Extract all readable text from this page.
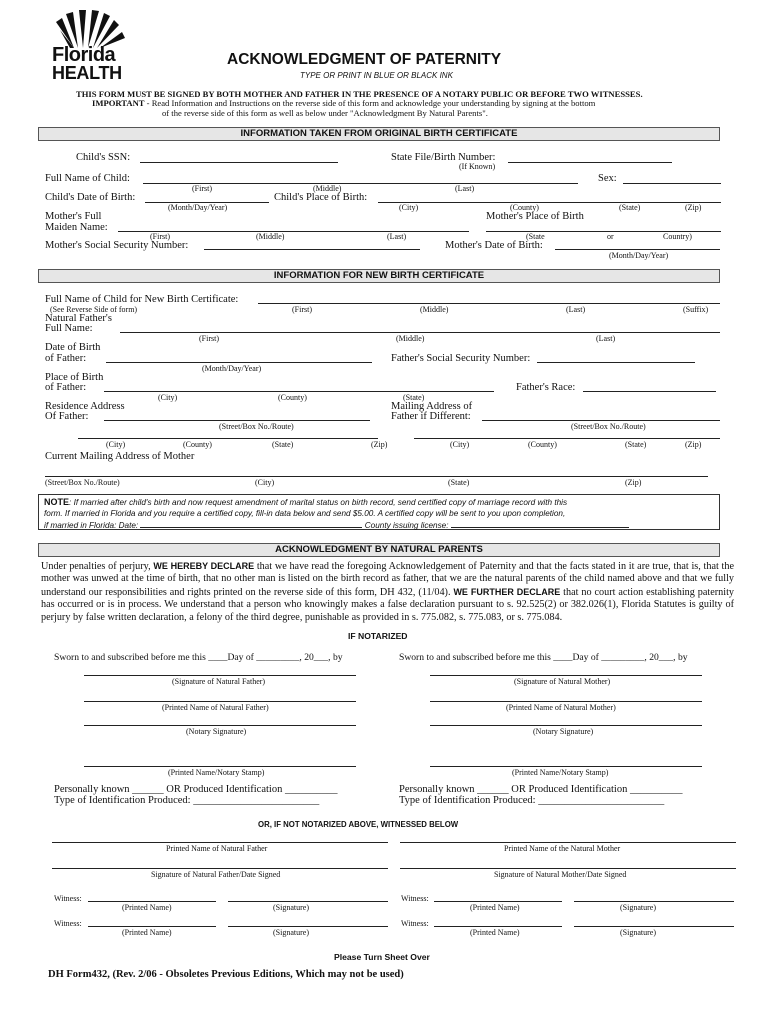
Florida
HEALTH
ACKNOWLEDGMENT OF PATERNITY
TYPE OR PRINT IN BLUE OR BLACK INK
THIS FORM MUST BE SIGNED BY BOTH MOTHER AND FATHER IN THE PRESENCE OF A NOTARY PUBLIC OR BEFORE TWO WITNESSES.
IMPORTANT - Read Information and Instructions on the reverse side of this form and acknowledge your understanding by signing at the bottom
of the reverse side of this form as well as below under "Acknowledgment By Natural Parents".
INFORMATION TAKEN FROM ORIGINAL BIRTH CERTIFICATE
Child's SSN:	State File/Birth Number:
(If Known)
Full Name of Child:	Sex:
(First)	(Middle)	(Last)
Child's Date of Birth:	Child's Place of Birth:
(Month/Day/Year)	(City)	(County)	(State)	(Zip)
Mother's Full
Maiden Name:
Mother's Place of Birth
(First)	(Middle)	(Last)	(State	or	Country)
Mother's Social Security Number:	Mother's Date of Birth:
(Month/Day/Year)
INFORMATION FOR NEW BIRTH CERTIFICATE
Full Name of Child for New Birth Certificate:
(See Reverse Side of form)	(First)	(Middle)	(Last)	(Suffix)
Natural Father's
Full Name:
(First)	(Middle)	(Last)
Date of Birth
of Father:	Father's Social Security Number:
(Month/Day/Year)
Place of Birth
of Father:	Father's Race:
(City)	(County)	(State)
Residence Address
Of Father:
Mailing Address of
Father if Different:
(Street/Box No./Route)	(Street/Box No./Route)
(City)	(County)	(State)	(Zip)	(City)	(County)	(State)	(Zip)
Current Mailing Address of Mother
(Street/Box No./Route)	(City)	(State)	(Zip)
NOTE: If married after child's birth and now request amendment of marital status on birth record, send certified copy of marriage record with this
form. If married in Florida and you require a certified copy, fill-in data below and send $5.00. A certified copy will be sent to you upon completion,
if married in Florida: Date:	County issuing license:
ACKNOWLEDGMENT BY NATURAL PARENTS
Under penalties of perjury, WE HEREBY DECLARE that we have read the foregoing Acknowledgement of Paternity and that the facts stated in it are true, that is, that the mother was unwed at the time of birth, that no other man is listed on the birth record as father, that we are the natural parents of the child named above and that we fully understand our responsibilities and rights printed on the reverse side of this form, DH 432, (11/04). WE FURTHER DECLARE that no court action establishing paternity has occurred or is in process. We understand that a person who knowingly makes a false declaration pursuant to s. 92.525(2) or 382.026(1), Florida Statutes is guilty of perjury by false written declaration, a felony of the third degree, punishable as provided in s. 775.082, s. 775.083, or s. 775.084.
IF NOTARIZED
Sworn to and subscribed before me this ____Day of _________, 20___, by	Sworn to and subscribed before me this ____Day of _________, 20___, by
(Signature of Natural Father)	(Signature of Natural Mother)
(Printed Name of Natural Father)	(Printed Name of Natural Mother)
(Notary Signature)	(Notary Signature)
(Printed Name/Notary Stamp)	(Printed Name/Notary Stamp)
Personally known ______ OR Produced Identification __________
Type of Identification Produced: ________________________
Personally known ______ OR Produced Identification __________
Type of Identification Produced: ________________________
OR, IF NOT NOTARIZED ABOVE, WITNESSED BELOW
Printed Name of Natural Father	Printed Name of the Natural Mother
Signature of Natural Father/Date Signed	Signature of Natural Mother/Date Signed
Witness:
(Printed Name)	(Signature)
Witness:
(Printed Name)	(Signature)
Witness:
(Printed Name)	(Signature)
Witness:
(Printed Name)	(Signature)
Please Turn Sheet Over
DH Form432, (Rev. 2/06 - Obsoletes Previous Editions, Which may not be used)
